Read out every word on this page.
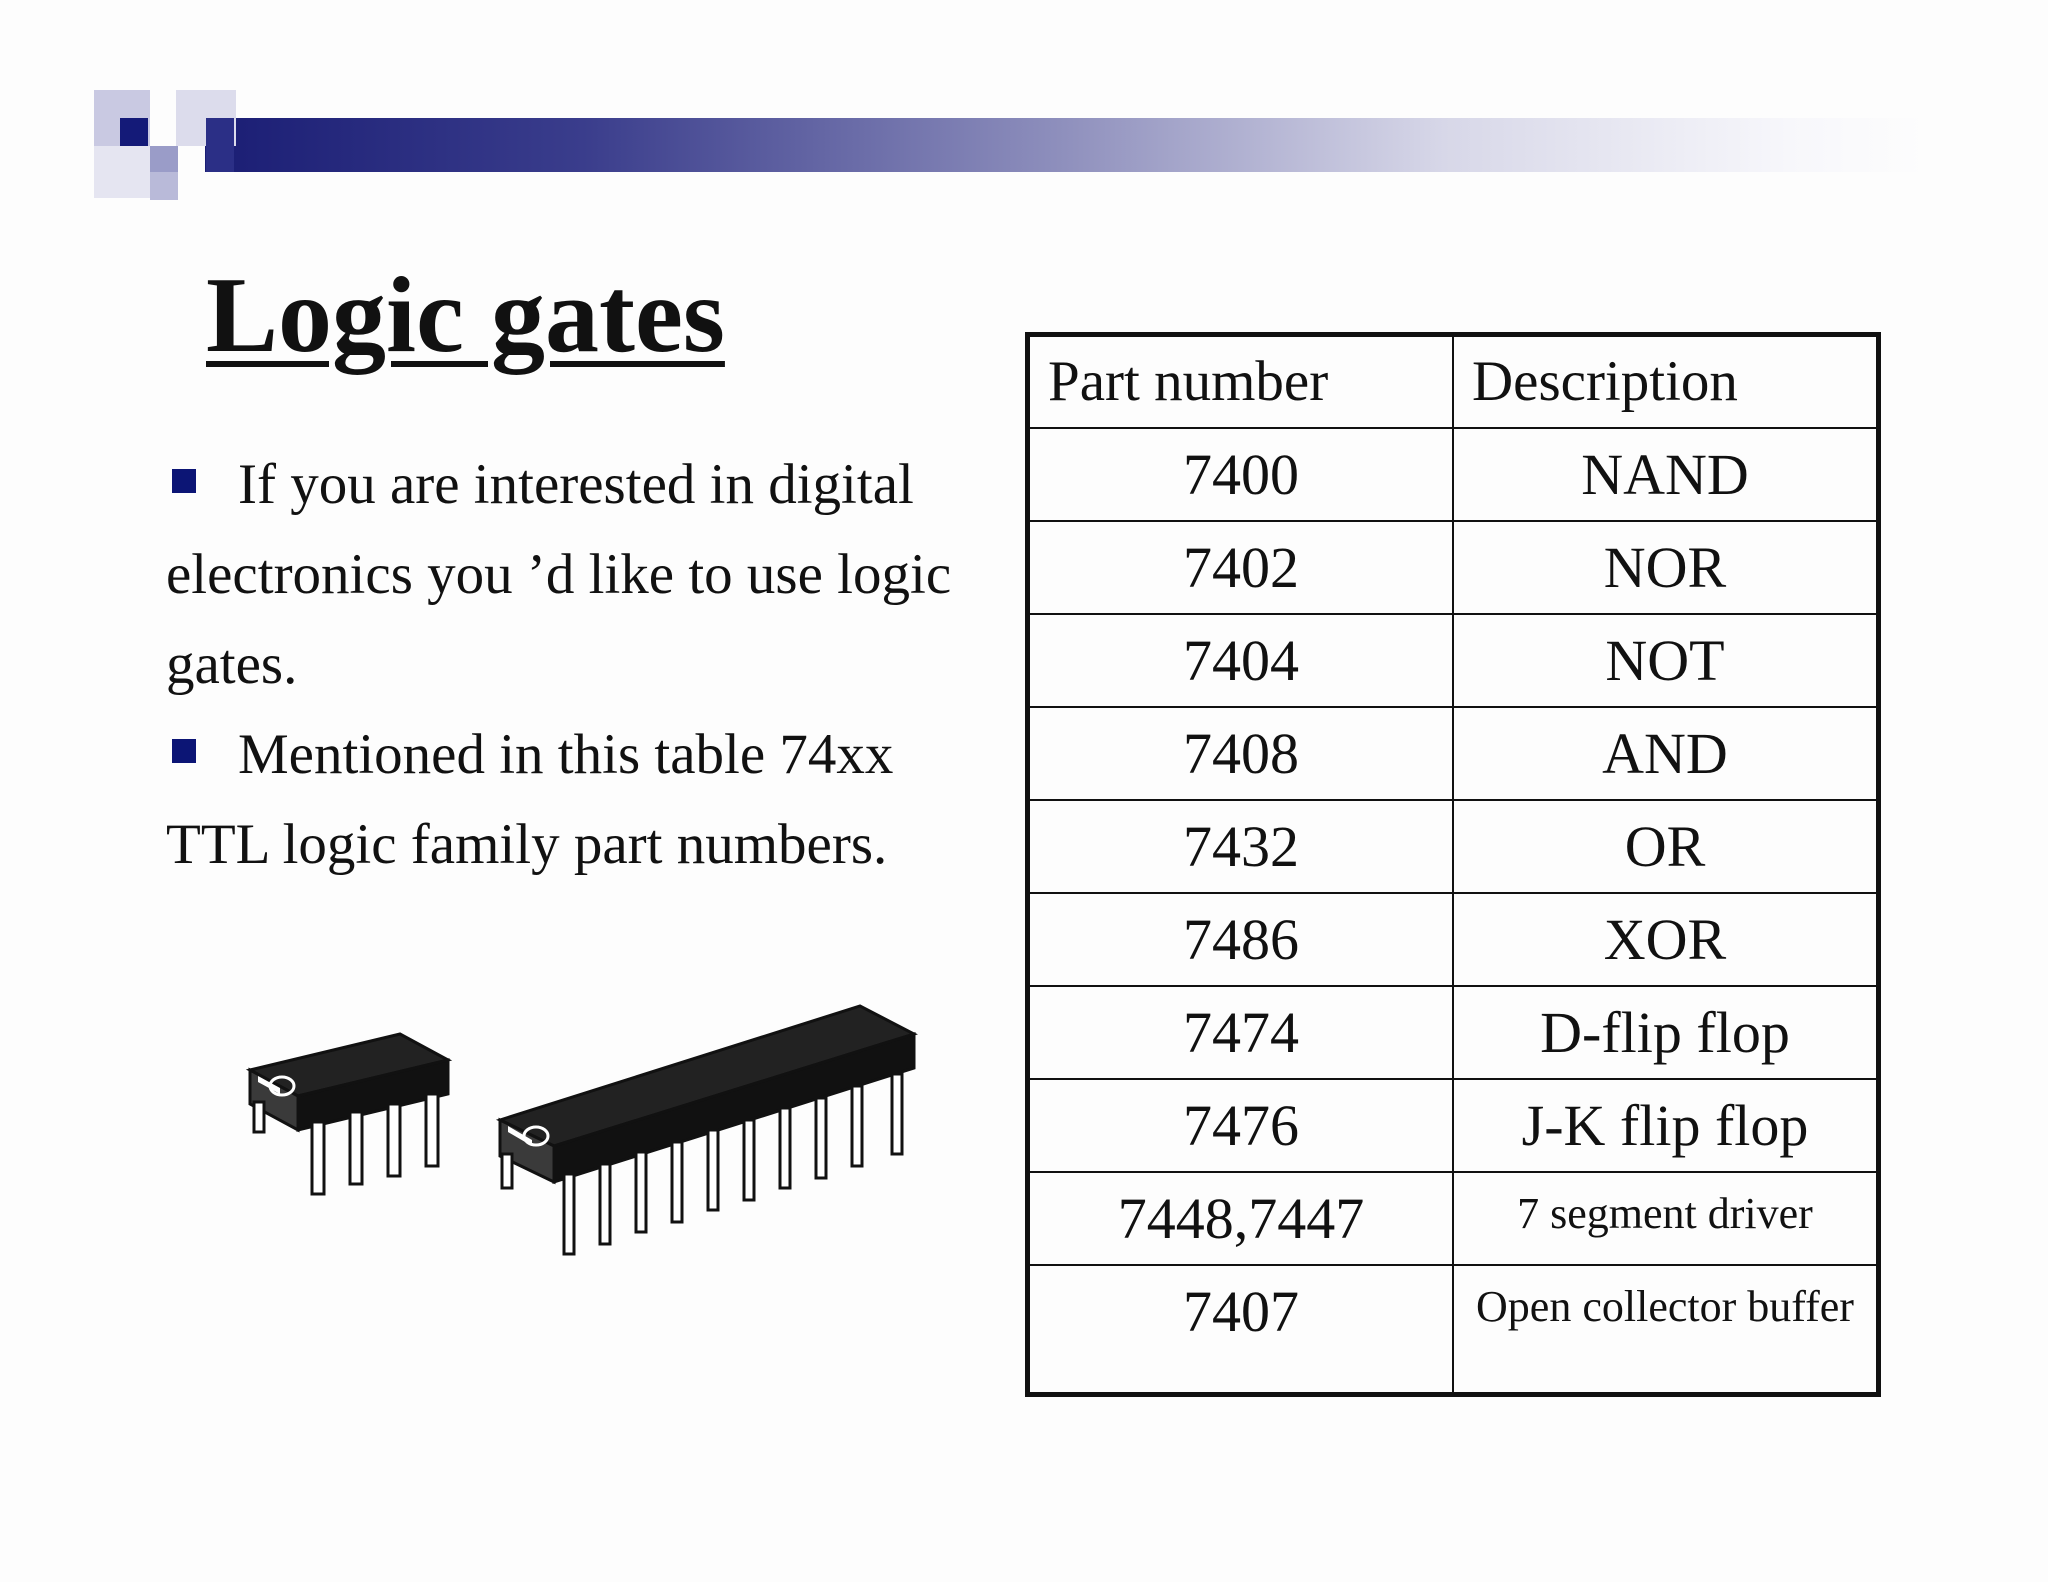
Logic gates
If you are interested in digital electronics you ’d like to use logic gates.
Mentioned in this table 74xx TTL logic family part numbers.
Part number	Description
7400	NAND
7402	NOR
7404	NOT
7408	AND
7432	OR
7486	XOR
7474	D-flip flop
7476	J-K flip flop
7448,7447	7 segment driver
7407	Open collector buffer
